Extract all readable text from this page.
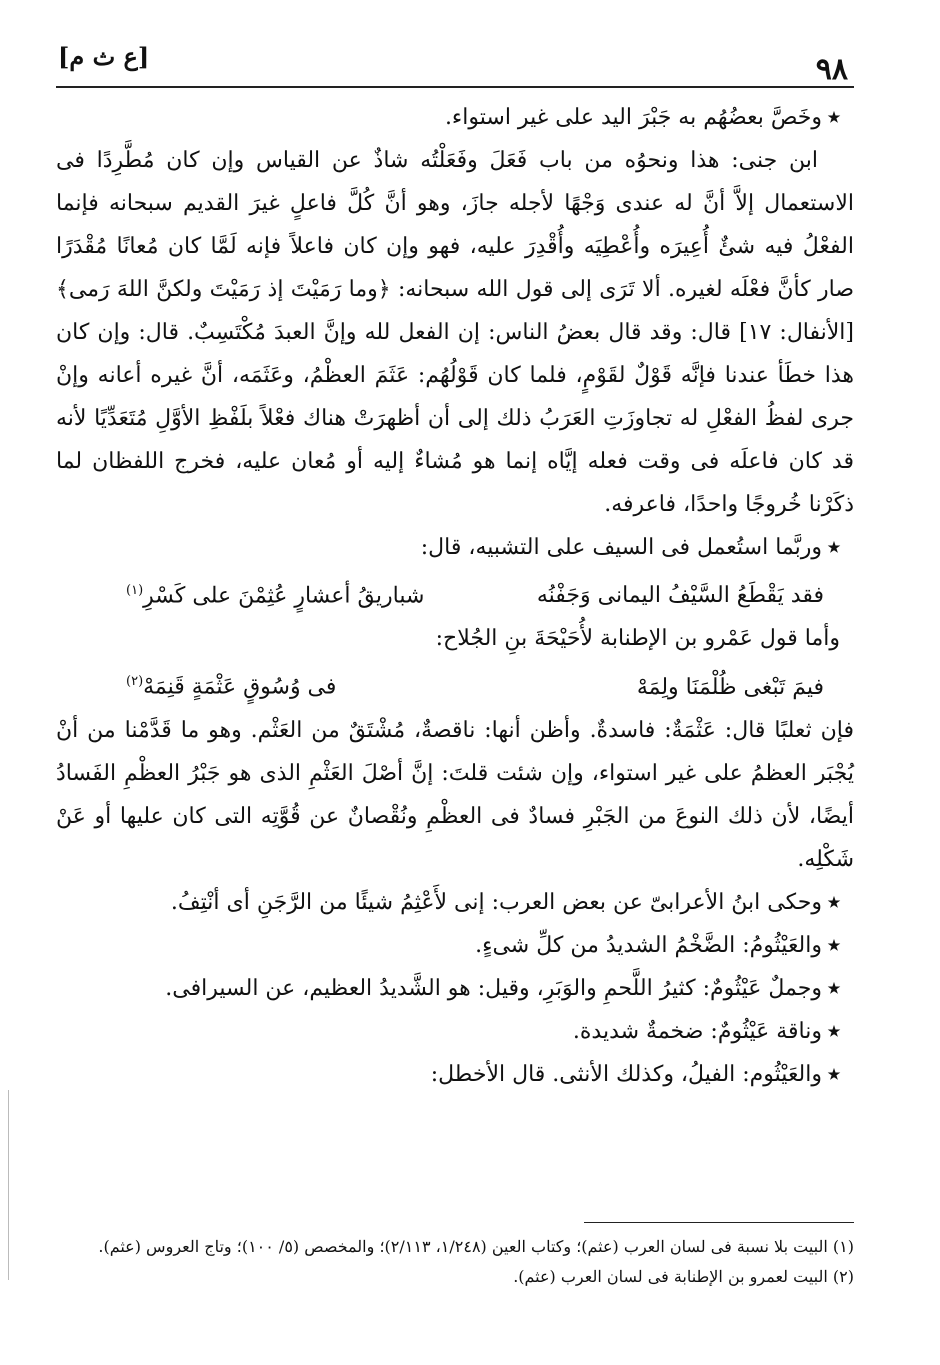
٩٨
[ع ث م]

٭وخَصَّ بعضُهُم به جَبْرَ اليد على غير استواء.

ابن جنى: هذا ونحوُه من باب فَعَلَ وفَعَلْتُه شاذٌ عن القياس وإن كان مُطَّرِدًا فى الاستعمال إلاَّ أنَّ له عندى وَجْهًا لأجله جازَ، وهو أنَّ كُلَّ فاعلٍ غيرَ القديم سبحانه فإنما الفعْلُ فيه شئٌ أُعِيرَه وأُعْطِيَه وأُقْدِرَ عليه، فهو وإن كان فاعلاً فإنه لَمَّا كان مُعانًا مُقْدَرًا صار كأنَّ فعْلَه لغيره. ألا تَرَى إلى قول الله سبحانه: ﴿وما رَمَيْتَ إذ رَمَيْتَ ولكنَّ اللهَ رَمى﴾ [الأنفال: ١٧] قال: وقد قال بعضُ الناس: إن الفعل لله وإنَّ العبدَ مُكْتَسِبٌ. قال: وإن كان هذا خطَأ عندنا فإنَّه قَوْلٌ لقَوْمٍ، فلما كان قَوْلُهُم: عَثَمَ العظْمُ، وعَثَمَه، أنَّ غيره أعانه وإنْ جرى لفظُ الفعْلِ له تجاوزَتِ العَرَبُ ذلك إلى أن أظهرَتْ هناك فعْلاً بلَفْظِ الأوَّلِ مُتَعَدِّيًا لأنه قد كان فاعلَه فى وقت فعله إيَّاه إنما هو مُشاءٌ إليه أو مُعان عليه، فخرج اللفظان لما ذكَرْنا خُروجًا واحدًا، فاعرفه.

٭وربَّما استُعمل فى السيف على التشبيه، قال:

فقد يَقْطَعُ السَّيْفُ اليمانى وَجَفْنُه
شباريقُ أعشارٍ عُثِمْنَ على كَسْرِ$^{(١)}$

وأما قول عَمْرو بن الإطنابة لأُحَيْحَةَ بنِ الجُلاح:

فيمَ تَبْغى ظُلْمَنَا ولِمَهْ
فى وُسُوقٍ عَثْمَةٍ قَنِمَهْ$^{(٢)}$

فإن ثعلبًا قال: عَثْمَةٌ: فاسدةٌ. وأظن أنها: ناقصةٌ، مُشْتَقٌ من العَثْم. وهو ما قَدَّمْنا من أنْ يُجْبَر العظمُ على غير استواء، وإن شئت قلتَ: إنَّ أصْلَ العَثْمِ الذى هو جَبْرُ العظْمِ الفَسادُ أيضًا، لأن ذلك النوعَ من الجَبْرِ فسادٌ فى العظْمِ ونُقْصانٌ عن قُوَّتِه التى كان عليها أو عَنْ شَكْلِه.

٭وحكى ابنُ الأعرابىّ عن بعض العرب: إنى لأَعْثِمُ شيئًا من الرَّجَنِ أى أنْتِفُ.

٭والعَيْثُومُ: الضَّخْمُ الشديدُ من كلِّ شىءٍ.

٭وجملٌ عَيْثُومٌ: كثيرُ اللَّحمِ والوَبَرِ، وقيل: هو الشَّديدُ العظيم، عن السيرافى.

٭وناقة عَيْثُومٌ: ضخمةٌ شديدة.

٭والعَيْثُوم: الفيلُ، وكذلك الأنثى. قال الأخطل:

(١) البيت بلا نسبة فى لسان العرب (عثم)؛ وكتاب العين (١/٢٤٨، ٢/١١٣)؛ والمخصص (٥/ ١٠٠)؛ وتاج العروس (عثم).

(٢) البيت لعمرو بن الإطنابة فى لسان العرب (عثم).
